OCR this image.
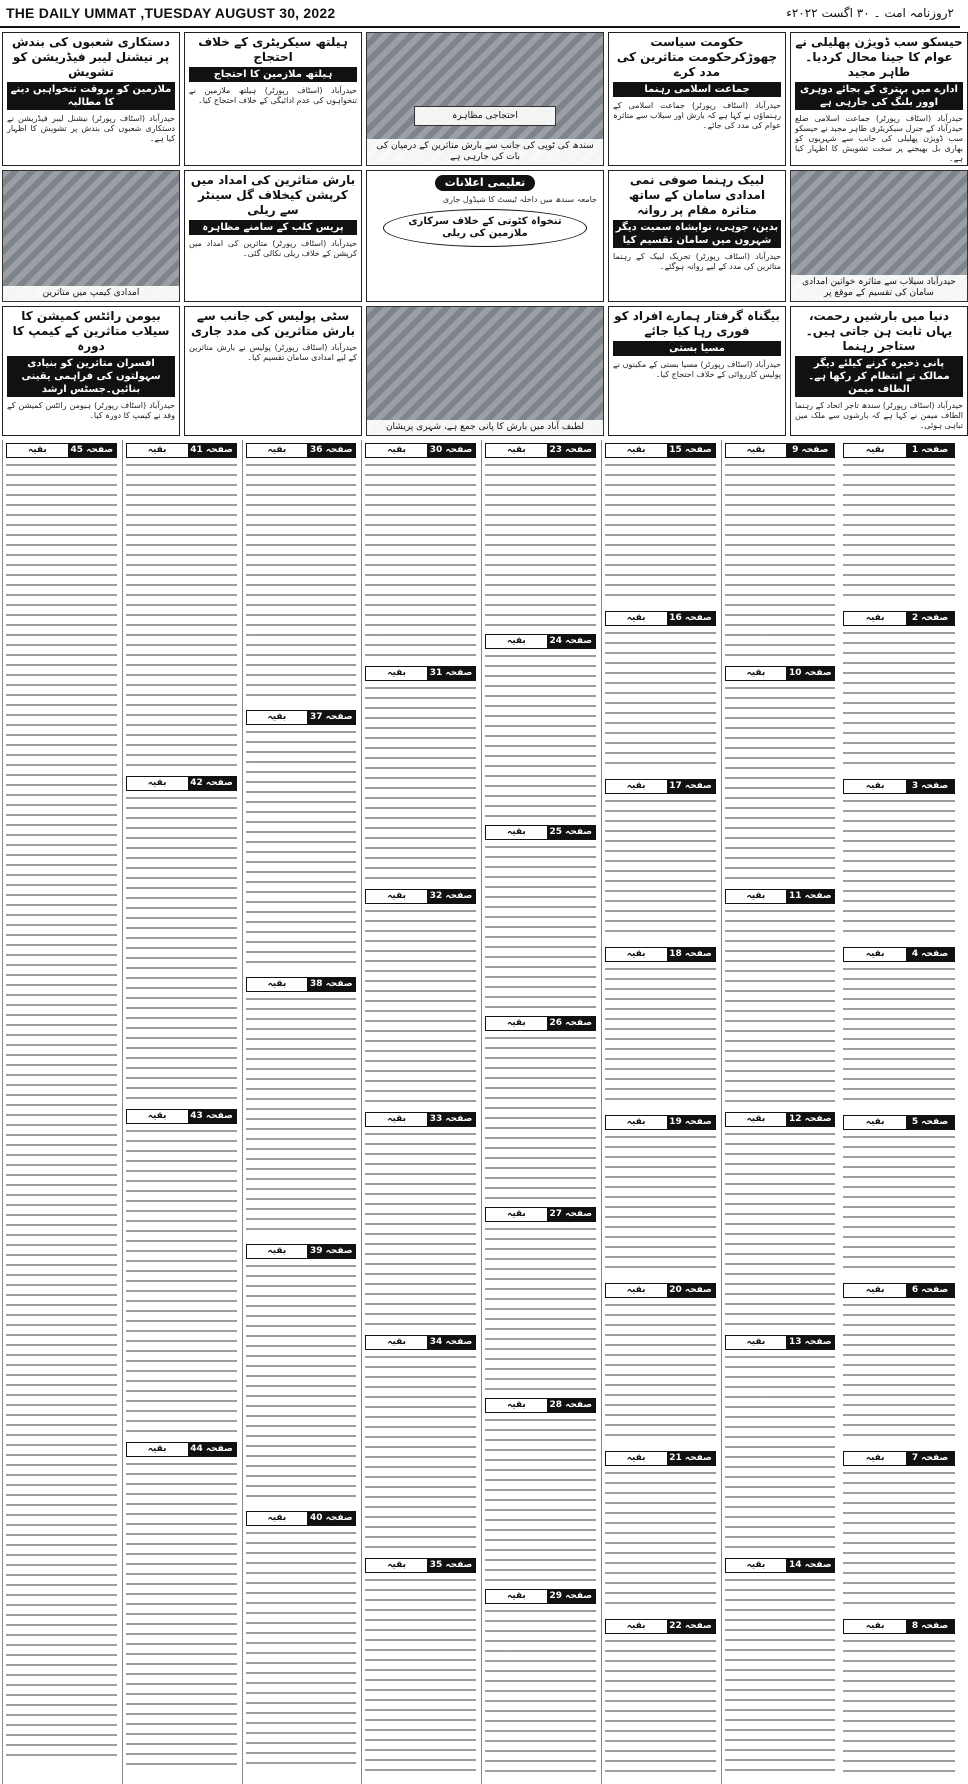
THE DAILY UMMAT ,TUESDAY AUGUST 30, 2022	۲روزنامہ امت ۔ ۳۰ اگست ۲۰۲۲ء
دستکاری شعبوں کی بندش پر نیشنل لیبر فیڈریشن کو تشویش
ملازمین کو بروقت تنخواہیں دینے کا مطالبہ
حیدرآباد (اسٹاف رپورٹر) نیشنل لیبر فیڈریشن نے دستکاری شعبوں کی بندش پر تشویش کا اظہار کیا ہے۔
ہیلتھ سیکریٹری کے خلاف احتجاج
ہیلتھ ملازمین کا احتجاج
حیدرآباد (اسٹاف رپورٹر) ہیلتھ ملازمین نے تنخواہوں کی عدم ادائیگی کے خلاف احتجاج کیا۔
احتجاجی مظاہرہ
سندھ کی ٹوپی کی جانب سے بارش متاثرین کے درمیان کی بات کی جارہی ہے
حکومت سیاست چھوڑکرحکومت متاثرین کی مدد کرے
جماعت اسلامی رہنما
حیدرآباد (اسٹاف رپورٹر) جماعت اسلامی کے رہنماؤں نے کہا ہے کہ بارش اور سیلاب سے متاثرہ عوام کی مدد کی جائے۔
حیسکو سب ڈویژن پھلیلی نے عوام کا جینا محال کردیا۔طاہر مجید
ادارے میں بہتری کے بجائے دوہری اوور بلنگ کی جارہی ہے
حیدرآباد (اسٹاف رپورٹر) جماعت اسلامی ضلع حیدرآباد کے جنرل سیکریٹری طاہر مجید نے حیسکو سب ڈویژن پھلیلی کی جانب سے شہریوں کو بھاری بل بھیجنے پر سخت تشویش کا اظہار کیا ہے۔
امدادی کیمپ میں متاثرین
بارش متاثرین کی امداد میں کرپشن کیخلاف گل سینٹر سے ریلی
پریس کلب کے سامنے مظاہرہ
حیدرآباد (اسٹاف رپورٹر) متاثرین کی امداد میں کرپشن کے خلاف ریلی نکالی گئی۔
تعلیمی اعلانات
جامعہ سندھ میں داخلہ ٹیسٹ کا شیڈول جاری
تنخواہ کٹوتی کے خلاف سرکاری ملازمین کی ریلی
لبیک رہنما صوفی نمی امدادی سامان کے ساتھ متاثرہ مقام پر روانہ
بدین، جوہی، نوابشاہ سمیت دیگر شہروں میں سامان تقسیم کیا
حیدرآباد (اسٹاف رپورٹر) تحریک لبیک کے رہنما متاثرین کی مدد کے لیے روانہ ہوگئے۔
حیدرآباد سیلاب سے متاثرہ خواتین امدادی سامان کی تقسیم کے موقع پر
بیومن رائٹس کمیشن کا سیلاب متاثرین کے کیمپ کا دورہ
افسران متاثرین کو بنیادی سہولتوں کی فراہمی یقینی بنائیں۔جسٹس ارشد
حیدرآباد (اسٹاف رپورٹر) ہیومن رائٹس کمیشن کے وفد نے کیمپ کا دورہ کیا۔
سٹی پولیس کی جانب سے بارش متاثرین کی مدد جاری
حیدرآباد (اسٹاف رپورٹر) پولیس نے بارش متاثرین کے لیے امدادی سامان تقسیم کیا۔
لطیف آباد میں بارش کا پانی جمع ہے، شہری پریشان
بیگناہ گرفتار ہمارے افراد کو فوری رہا کیا جائے
مسیا بستی
حیدرآباد (اسٹاف رپورٹر) مسیا بستی کے مکینوں نے پولیس کارروائی کے خلاف احتجاج کیا۔
دنیا میں بارشیں رحمت، یہاں ثابت ہن جاتی ہیں۔ستاجر رہنما
پانی ذخیرہ کرنے کیلئے دیگر ممالک نے انتظام کر رکھا ہے۔الطاف میمن
حیدرآباد (اسٹاف رپورٹر) سندھ تاجر اتحاد کے رہنما الطاف میمن نے کہا ہے کہ بارشوں سے ملک میں تباہی ہوئی۔
صفحہ 1
بقیہ
صفحہ 2
بقیہ
صفحہ 3
بقیہ
صفحہ 4
بقیہ
صفحہ 5
بقیہ
صفحہ 6
بقیہ
صفحہ 7
بقیہ
صفحہ 8
بقیہ
صفحہ 9
بقیہ
صفحہ 10
بقیہ
صفحہ 11
بقیہ
صفحہ 12
بقیہ
صفحہ 13
بقیہ
صفحہ 14
بقیہ
صفحہ 15
بقیہ
صفحہ 16
بقیہ
صفحہ 17
بقیہ
صفحہ 18
بقیہ
صفحہ 19
بقیہ
صفحہ 20
بقیہ
صفحہ 21
بقیہ
صفحہ 22
بقیہ
صفحہ 23
بقیہ
صفحہ 24
بقیہ
صفحہ 25
بقیہ
صفحہ 26
بقیہ
صفحہ 27
بقیہ
صفحہ 28
بقیہ
صفحہ 29
بقیہ
صفحہ 30
بقیہ
صفحہ 31
بقیہ
صفحہ 32
بقیہ
صفحہ 33
بقیہ
صفحہ 34
بقیہ
صفحہ 35
بقیہ
صفحہ 36
بقیہ
صفحہ 37
بقیہ
صفحہ 38
بقیہ
صفحہ 39
بقیہ
صفحہ 40
بقیہ
صفحہ 41
بقیہ
صفحہ 42
بقیہ
صفحہ 43
بقیہ
صفحہ 44
بقیہ
صفحہ 45
بقیہ
